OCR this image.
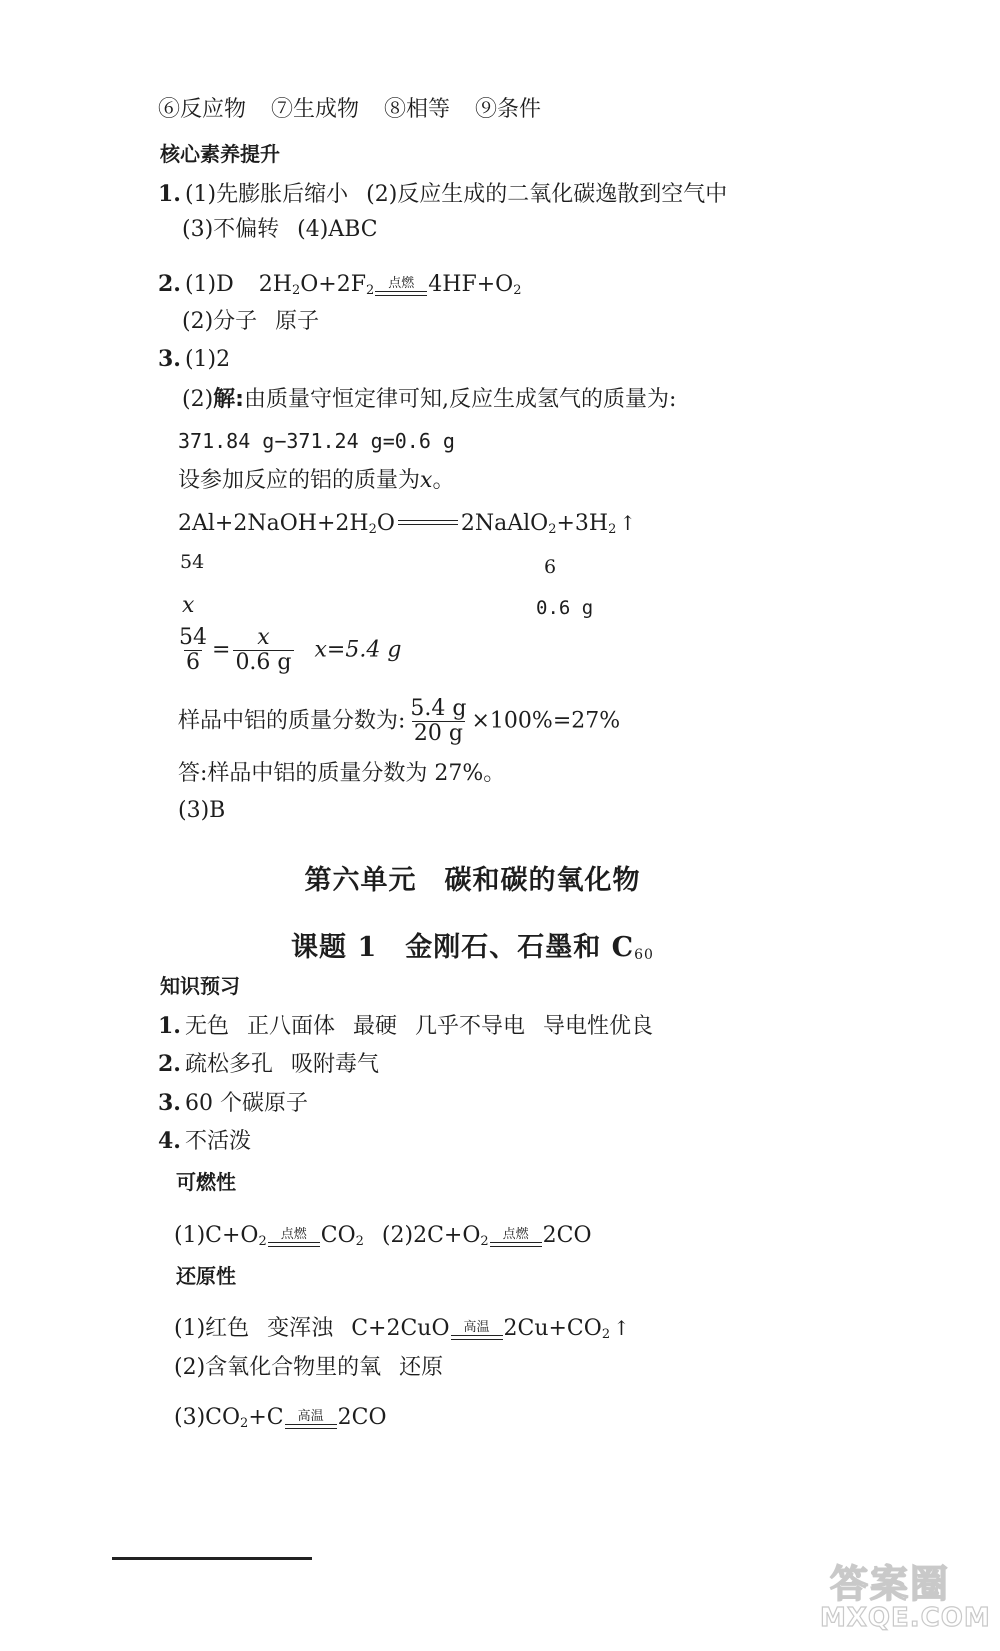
⑥反应物 ⑦生成物 ⑧相等 ⑨条件
核心素养提升
1. (1)先膨胀后缩小 (2)反应生成的二氧化碳逸散到空气中
(3)不偏转 (4)ABC
2. (1)D $2H_2O+2F_2$ 点燃 $4HF+O_2$
(2)分子 原子
3. (1)2
(2)解:由质量守恒定律可知,反应生成氢气的质量为:
371.84 g−371.24 g=0.6 g
设参加反应的铝的质量为x。
$2Al+2NaOH+2H_2O$	$2NaAlO_2+3H_2$ ↑
54	6
x	0.6 g
$\frac{54}{6} = \frac{x}{0.6 g} x=5.4$ g
样品中铝的质量分数为: $\frac{5.4 g}{20 g} \times 100\%=27\%$
答:样品中铝的质量分数为 27%。
(3)B
第六单元　碳和碳的氧化物
课题 1　金刚石、石墨和 $C_{60}$
知识预习
1. 无色 正八面体 最硬 几乎不导电 导电性优良
2. 疏松多孔 吸附毒气
3. 60 个碳原子
4. 不活泼
可燃性
$(1)C+O_2$ 点燃 $CO_2$ $(2)2C+O_2$ 点燃 2CO
还原性
(1)红色 变浑浊 C+2CuO 高温 $2Cu+CO_2$ ↑
(2)含氧化合物里的氧 还原
$(3)CO_2+C$ 高温 2CO
答案圈
MXQE.COM
